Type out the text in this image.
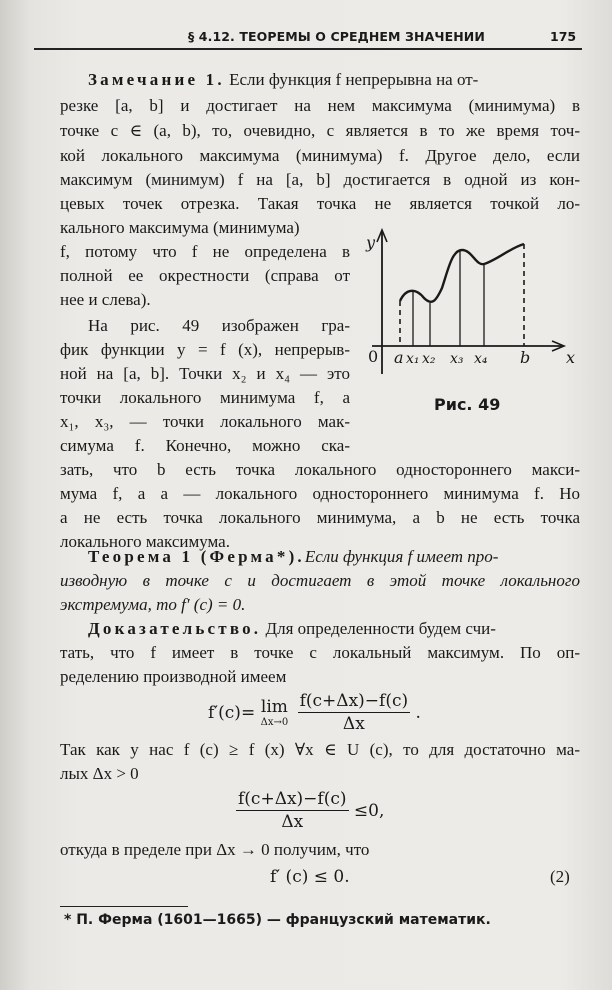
§ 4.12. ТЕОРЕМЫ О СРЕДНЕМ ЗНАЧЕНИИ	175
Замечание 1. Если функция f непрерывна на от-
резке [a, b] и достигает на нем максимума (минимума) в
точке c ∈ (a, b), то, очевидно, c является в то же время точ-
кой локального максимума (минимума) f. Другое дело, если
максимум (минимум) f на [a, b] достигается в одной из кон-
цевых точек отрезка. Такая точка не является точкой ло-
кального максимума (минимума)
f, потому что f не определена в
полной ее окрестности (справа от
нее и слева).
На рис. 49 изображен гра-
фик функции y = f (x), непрерыв-
ной на [a, b]. Точки x₂ и x₄ — это
точки локального минимума f, а
x₁, x₃, — точки локального мак-
симума f. Конечно, можно ска-
зать, что b есть точка локального одностороннего макси-
мума f, а a — локального одностороннего минимума f. Но
a не есть точка локального минимума, а b не есть точка
локального максимума.
y
x
0 a x₁ x₂ x₃ x₄ b
Рис. 49
Теорема 1 (Ферма*).Если функция f имеет про-
изводную в точке c и достигает в этой точке локального
экстремума, то f′ (c) = 0.
Доказательство. Для определенности будем счи-
тать, что f имеет в точке c локальный максимум. По оп-
ределению производной имеем
f′(c)= lim
Δx→0
$\frac{f(c+\Delta x)-f(c)}{\Delta x}$ .
Так как у нас f (c) ≥ f (x) ∀x ∈ U (c), то для достаточно ма-
лых Δx > 0
$\frac{f(c+\Delta x)-f(c)}{\Delta x} \le 0$,
откуда в пределе при Δx → 0 получим, что
f′ (c) ≤ 0.	(2)
* П. Ферма (1601—1665) — французский математик.
